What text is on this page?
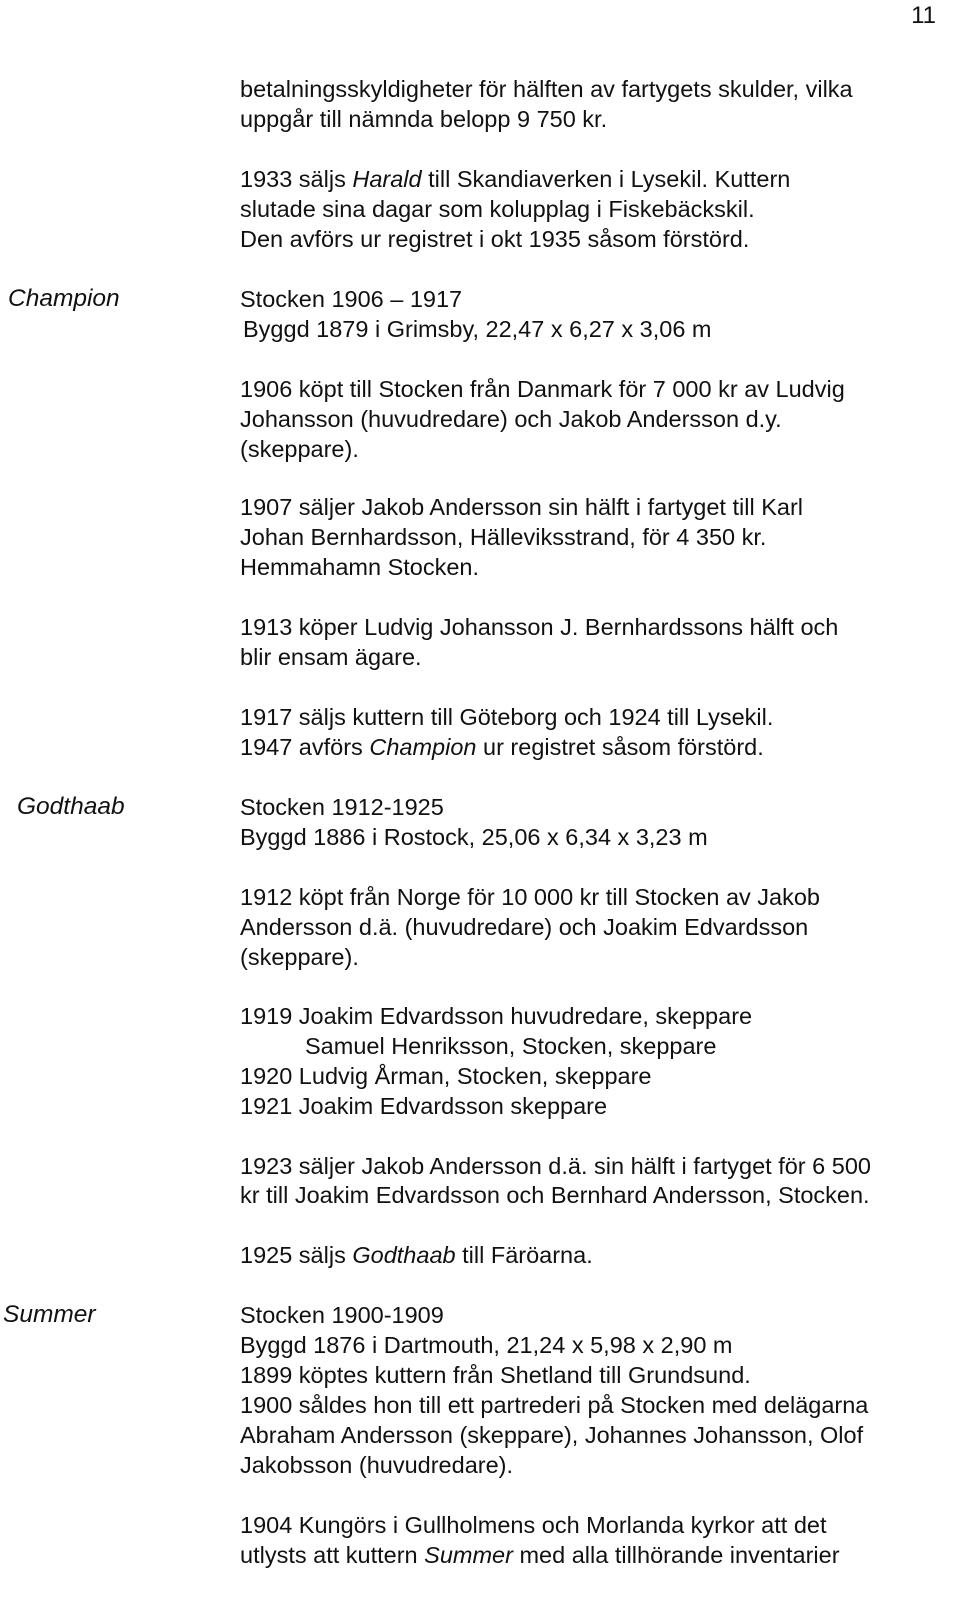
11
betalningsskyldigheter för hälften av fartygets skulder, vilka
uppgår till nämnda belopp 9 750 kr.
1933 säljs Harald till Skandiaverken i Lysekil. Kuttern
slutade sina dagar som kolupplag i Fiskebäckskil.
Den avförs ur registret i okt 1935 såsom förstörd.
Champion	Stocken 1906 – 1917
Byggd 1879 i Grimsby, 22,47 x 6,27 x 3,06 m
1906 köpt till Stocken från Danmark för 7 000 kr av Ludvig
Johansson (huvudredare) och Jakob Andersson d.y.
(skeppare).
1907 säljer Jakob Andersson sin hälft i fartyget till Karl
Johan Bernhardsson, Hälleviksstrand, för 4 350 kr.
Hemmahamn Stocken.
1913 köper Ludvig Johansson J. Bernhardssons hälft och
blir ensam ägare.
1917 säljs kuttern till Göteborg och 1924 till Lysekil.
1947 avförs Champion ur registret såsom förstörd.
Godthaab	Stocken 1912-1925
Byggd 1886 i Rostock, 25,06 x 6,34 x 3,23 m
1912 köpt från Norge för 10 000 kr till Stocken av Jakob
Andersson d.ä. (huvudredare) och Joakim Edvardsson
(skeppare).
1919 Joakim Edvardsson huvudredare, skeppare
Samuel Henriksson, Stocken, skeppare
1920 Ludvig Årman, Stocken, skeppare
1921 Joakim Edvardsson skeppare
1923 säljer Jakob Andersson d.ä. sin hälft i fartyget för 6 500
kr till Joakim Edvardsson och Bernhard Andersson, Stocken.
1925 säljs Godthaab till Färöarna.
Summer	Stocken 1900-1909
Byggd 1876 i Dartmouth, 21,24 x 5,98 x 2,90 m
1899 köptes kuttern från Shetland till Grundsund.
1900 såldes hon till ett partrederi på Stocken med delägarna
Abraham Andersson (skeppare), Johannes Johansson, Olof
Jakobsson (huvudredare).
1904 Kungörs i Gullholmens och Morlanda kyrkor att det
utlysts att kuttern Summer med alla tillhörande inventarier
